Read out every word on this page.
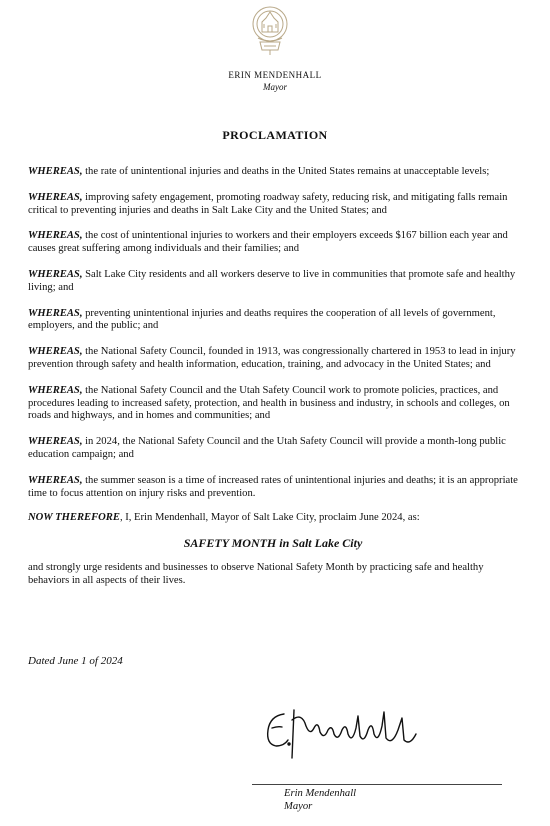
ERIN MENDENHALL
Mayor
PROCLAMATION

WHEREAS, the rate of unintentional injuries and deaths in the United States remains at unacceptable levels;

WHEREAS, improving safety engagement, promoting roadway safety, reducing risk, and mitigating falls remain critical to preventing injuries and deaths in Salt Lake City and the United States; and

WHEREAS, the cost of unintentional injuries to workers and their employers exceeds $167 billion each year and causes great suffering among individuals and their families; and

WHEREAS, Salt Lake City residents and all workers deserve to live in communities that promote safe and healthy living; and

WHEREAS, preventing unintentional injuries and deaths requires the cooperation of all levels of government, employers, and the public; and

WHEREAS, the National Safety Council, founded in 1913, was congressionally chartered in 1953 to lead in injury prevention through safety and health information, education, training, and advocacy in the United States; and

WHEREAS, the National Safety Council and the Utah Safety Council work to promote policies, practices, and procedures leading to increased safety, protection, and health in business and industry, in schools and colleges, on roads and highways, and in homes and communities; and

WHEREAS, in 2024, the National Safety Council and the Utah Safety Council will provide a month-long public education campaign; and

WHEREAS, the summer season is a time of increased rates of unintentional injuries and deaths; it is an appropriate time to focus attention on injury risks and prevention.

NOW THEREFORE, I, Erin Mendenhall, Mayor of Salt Lake City, proclaim June 2024, as:

SAFETY MONTH in Salt Lake City

and strongly urge residents and businesses to observe National Safety Month by practicing safe and healthy behaviors in all aspects of their lives.

Dated June 1 of 2024
Erin Mendenhall
Mayor
